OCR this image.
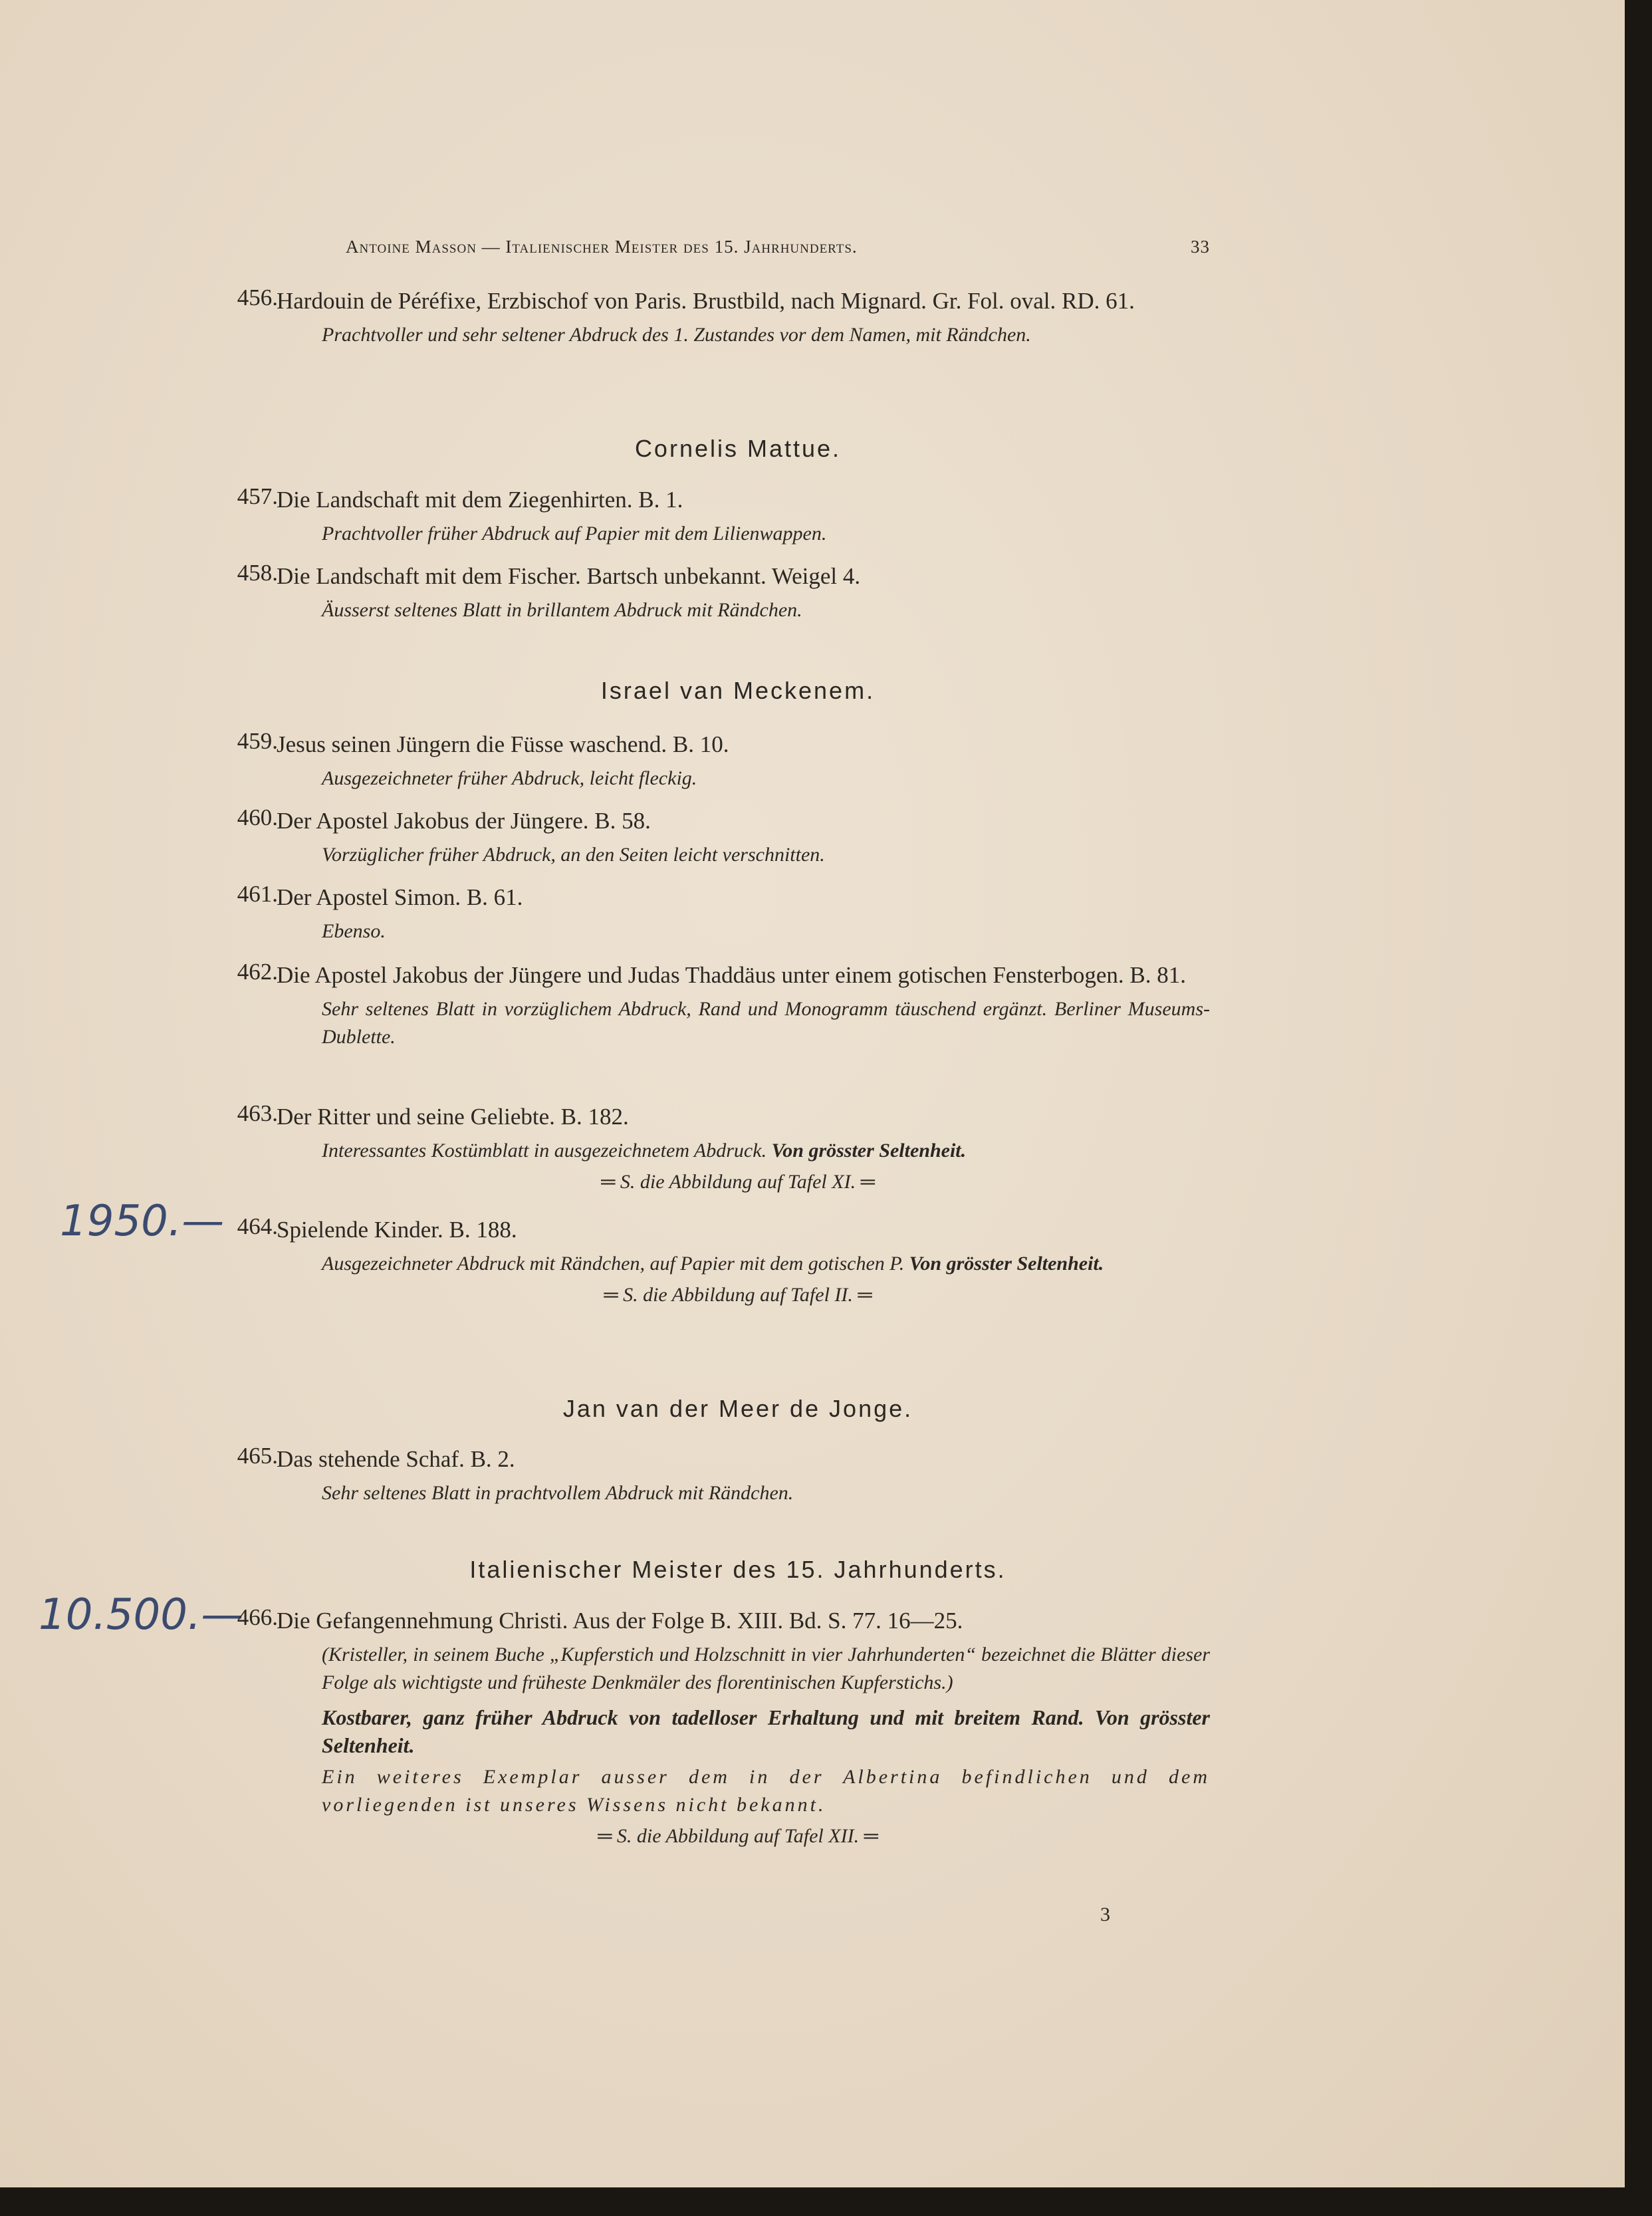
1950.—
10.500.—
Antoine Masson — Italienischer Meister des 15. Jahrhunderts.	33
456.
Hardouin de Péréfixe, Erzbischof von Paris. Brustbild, nach Mignard. Gr. Fol. oval. RD. 61.
Prachtvoller und sehr seltener Abdruck des 1. Zustandes vor dem Namen, mit Rändchen.
Cornelis Mattue.
457.
Die Landschaft mit dem Ziegenhirten. B. 1.
Prachtvoller früher Abdruck auf Papier mit dem Lilienwappen.
458.
Die Landschaft mit dem Fischer. Bartsch unbekannt. Weigel 4.
Äusserst seltenes Blatt in brillantem Abdruck mit Rändchen.
Israel van Meckenem.
459.
Jesus seinen Jüngern die Füsse waschend. B. 10.
Ausgezeichneter früher Abdruck, leicht fleckig.
460.
Der Apostel Jakobus der Jüngere. B. 58.
Vorzüglicher früher Abdruck, an den Seiten leicht verschnitten.
461.
Der Apostel Simon. B. 61.
Ebenso.
462.
Die Apostel Jakobus der Jüngere und Judas Thaddäus unter einem gotischen Fensterbogen. B. 81.
Sehr seltenes Blatt in vorzüglichem Abdruck, Rand und Monogramm täuschend ergänzt. Berliner Museums-Dublette.
463.
Der Ritter und seine Geliebte. B. 182.
Interessantes Kostümblatt in ausgezeichnetem Abdruck. Von grösster Seltenheit.
═ S. die Abbildung auf Tafel XI. ═
464.
Spielende Kinder. B. 188.
Ausgezeichneter Abdruck mit Rändchen, auf Papier mit dem gotischen P. Von grösster Seltenheit.
═ S. die Abbildung auf Tafel II. ═
Jan van der Meer de Jonge.
465.
Das stehende Schaf. B. 2.
Sehr seltenes Blatt in prachtvollem Abdruck mit Rändchen.
Italienischer Meister des 15. Jahrhunderts.
466.
Die Gefangennehmung Christi. Aus der Folge B. XIII. Bd. S. 77. 16—25.
(Kristeller, in seinem Buche „Kupferstich und Holzschnitt in vier Jahrhunderten“ bezeichnet die Blätter dieser Folge als wichtigste und früheste Denkmäler des florentinischen Kupferstichs.)
Kostbarer, ganz früher Abdruck von tadelloser Erhaltung und mit breitem Rand. Von grösster Seltenheit.
Ein weiteres Exemplar ausser dem in der Albertina befindlichen und dem vorliegenden ist unseres Wissens nicht bekannt.
═ S. die Abbildung auf Tafel XII. ═
3
